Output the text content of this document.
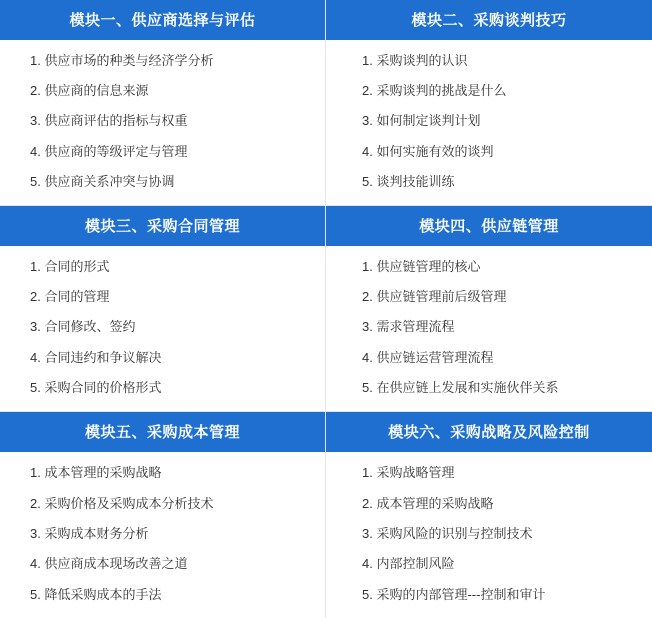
模块一、供应商选择与评估
1. 供应市场的种类与经济学分析
2. 供应商的信息来源
3. 供应商评估的指标与权重
4. 供应商的等级评定与管理
5. 供应商关系冲突与协调
模块二、采购谈判技巧
1. 采购谈判的认识
2. 采购谈判的挑战是什么
3. 如何制定谈判计划
4. 如何实施有效的谈判
5. 谈判技能训练
模块三、采购合同管理
1. 合同的形式
2. 合同的管理
3. 合同修改、签约
4. 合同违约和争议解决
5. 采购合同的价格形式
模块四、供应链管理
1. 供应链管理的核心
2. 供应链管理前后级管理
3. 需求管理流程
4. 供应链运营管理流程
5. 在供应链上发展和实施伙伴关系
模块五、采购成本管理
1. 成本管理的采购战略
2. 采购价格及采购成本分析技术
3. 采购成本财务分析
4. 供应商成本现场改善之道
5. 降低采购成本的手法
模块六、采购战略及风险控制
1. 采购战略管理
2. 成本管理的采购战略
3. 采购风险的识别与控制技术
4. 内部控制风险
5. 采购的内部管理---控制和审计
